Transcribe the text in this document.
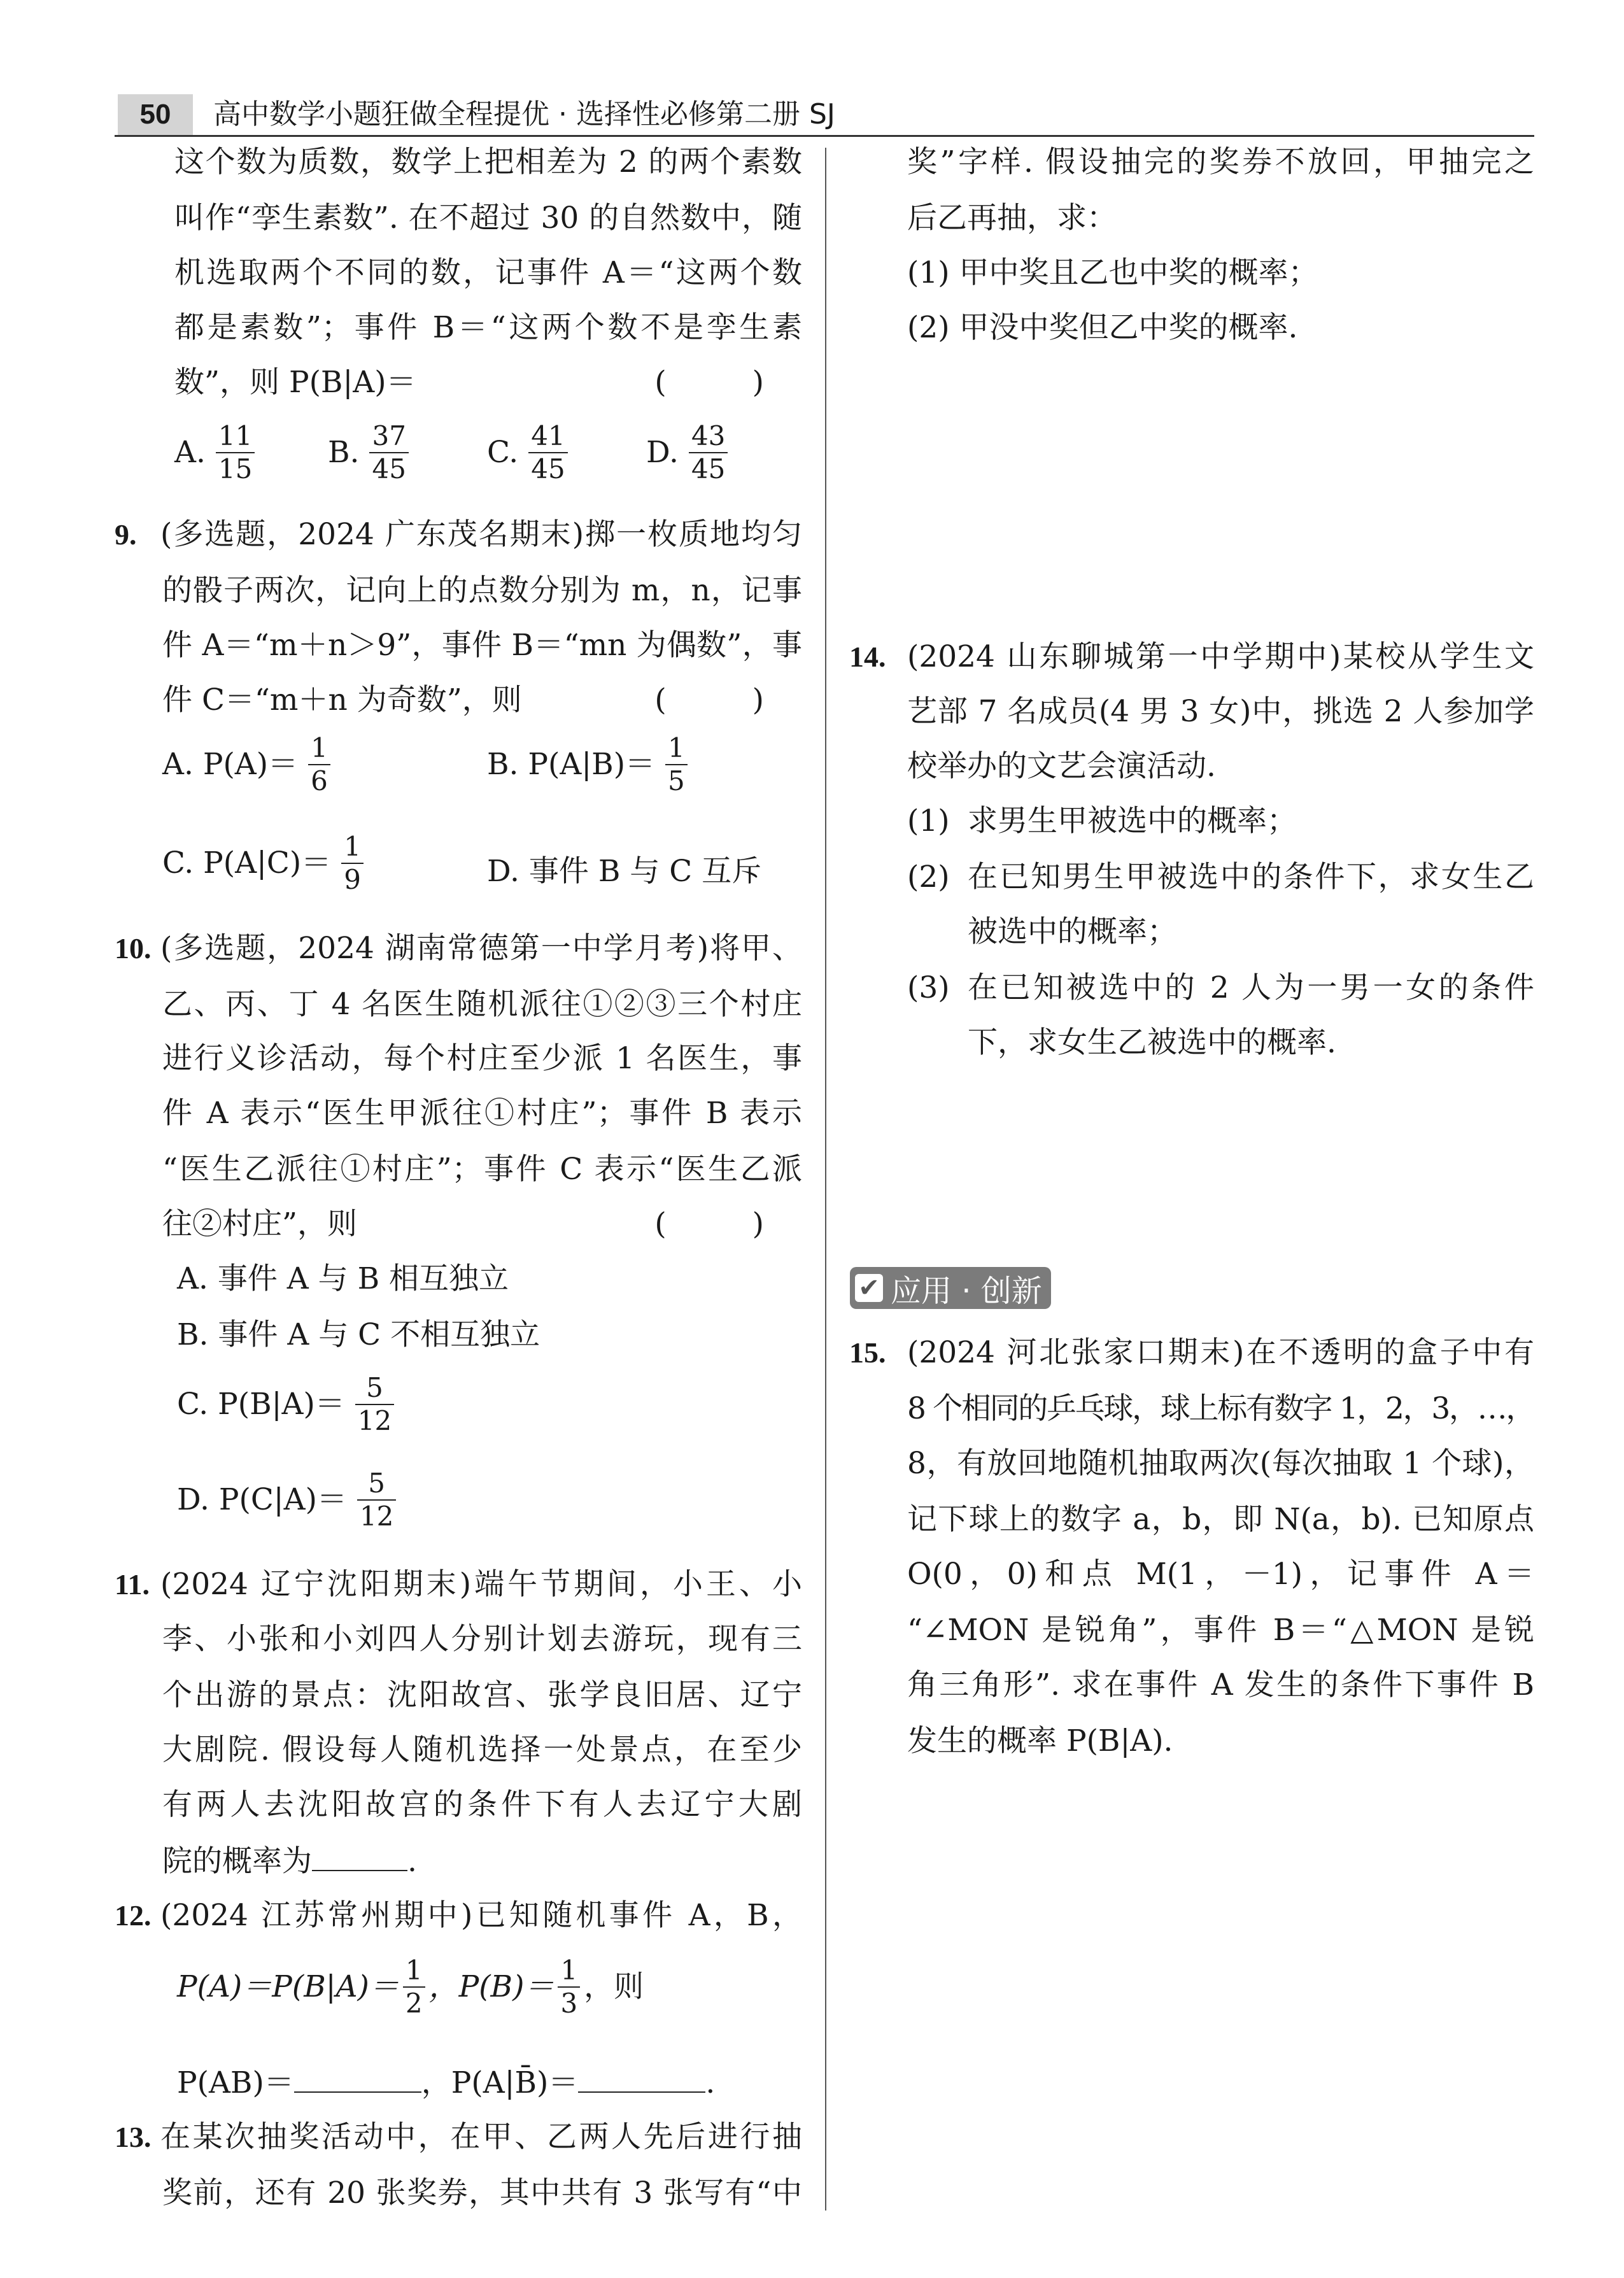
50	高中数学小题狂做全程提优 · 选择性必修第二册 SJ
这个数为质数，数学上把相差为 2 的两个素数
叫作“孪生素数”. 在不超过 30 的自然数中，随
机选取两个不同的数，记事件 A＝“这两个数
都是素数”；事件 B＝“这两个数不是孪生素
数”，则 P(B|A)＝	( )
A. $\frac{11}{15} B$. $\frac{37}{45}$	C. $\frac{41}{45}$	D. $\frac{43}{45}$
9. (多选题，2024 广东茂名期末)掷一枚质地均匀
的骰子两次，记向上的点数分别为 m，n，记事
件 A＝“m＋n＞9”，事件 B＝“mn 为偶数”，事
件 C＝“m＋n 为奇数”，则	( )
A. $P(A)= \frac{1}{6}$	B. $P(A|B)= \frac{1}{5}$
C. $P(A|C)= \frac{1}{9}$	D. 事件 B 与 C 互斥
10. (多选题，2024 湖南常德第一中学月考)将甲、
乙、丙、丁 4 名医生随机派往①②③三个村庄
进行义诊活动，每个村庄至少派 1 名医生，事
件 A 表示“医生甲派往①村庄”；事件 B 表示
“医生乙派往①村庄”；事件 C 表示“医生乙派
往②村庄”，则	( )
A. 事件 A 与 B 相互独立
B. 事件 A 与 C 不相互独立
C. $P(B|A)= \frac{5}{12}$
D. $P(C|A)= \frac{5}{12}$
11. (2024 辽宁沈阳期末)端午节期间，小王、小
李、小张和小刘四人分别计划去游玩，现有三
个出游的景点：沈阳故宫、张学良旧居、辽宁
大剧院. 假设每人随机选择一处景点，在至少
有两人去沈阳故宫的条件下有人去辽宁大剧
院的概率为	.
12. (2024 江苏常州期中)已知随机事件 A，B，
$P(A)=P(B|A)= \frac{1}{2}$ ，$P(B)= \frac{1}{3}$ ，则
P(AB)＝	，P(A|B̄)＝	.
13. 在某次抽奖活动中，在甲、乙两人先后进行抽
奖前，还有 20 张奖券，其中共有 3 张写有“中
奖”字样. 假设抽完的奖券不放回，甲抽完之
后乙再抽，求：
(1) 甲中奖且乙也中奖的概率；
(2) 甲没中奖但乙中奖的概率.
14. (2024 山东聊城第一中学期中)某校从学生文
艺部 7 名成员(4 男 3 女)中，挑选 2 人参加学
校举办的文艺会演活动.
(1) 求男生甲被选中的概率；
(2) 在已知男生甲被选中的条件下，求女生乙
被选中的概率；
(3) 在已知被选中的 2 人为一男一女的条件
下，求女生乙被选中的概率.
✔ 应用 · 创新
15. (2024 河北张家口期末)在不透明的盒子中有
8 个相同的乒乓球，球上标有数字 1，2，3，…，
8，有放回地随机抽取两次(每次抽取 1 个球)，
记下球上的数字 a，b，即 N(a，b). 已知原点
O(0，0)和点 M(1，－1)，记事件 A＝
“∠MON 是锐角”，事件 B＝“△MON 是锐
角三角形”. 求在事件 A 发生的条件下事件 B
发生的概率 P(B|A).
